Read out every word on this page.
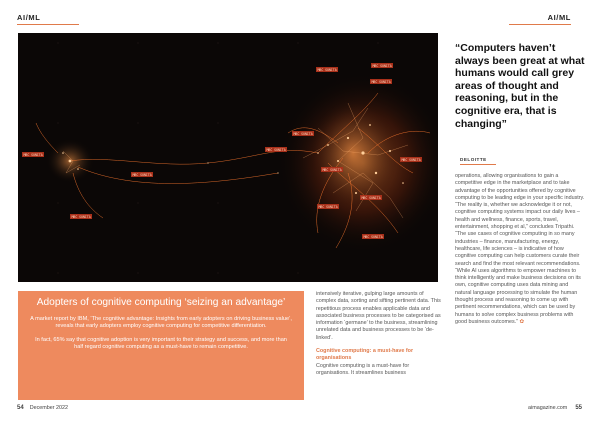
AI/ML	AI/ML
MBC SUNITA
MBC SUNITA
MBC SUNITA
MBC SUNITA
MBC SUNITA
MBC SUNITA
MBC SUNITA
MBC SUNITA
MBC SUNITA
MBC SUNITA
MBC SUNITA
MBC SUNITA
MBC SUNITA
“Computers haven’t always been great at what humans would call grey areas of thought and reasoning, but in the cognitive era, that is changing”
DELOITTE

operations, allowing organisations to gain a competitive edge in the marketplace and to take advantage of the opportunities offered by cognitive computing to be leading edge in your specific industry.

“The reality is, whether we acknowledge it or not, cognitive computing systems impact our daily lives – health and wellness, finance, sports, travel, entertainment, shopping et al,” concludes Tripathi. “The use cases of cognitive computing in so many industries – finance, manufacturing, energy, healthcare, life sciences – is indicative of how cognitive computing can help customers curate their search and find the most relevant recommendations.

“While AI uses algorithms to empower machines to think intelligently and make business decisions on its own, cognitive computing uses data mining and natural language processing to simulate the human thought process and reasoning to come up with pertinent recommendations, which can be used by humans to solve complex business problems with good business outcomes.” ✿

Adopters of cognitive computing ‘seizing an advantage’

A market report by IBM, ‘The cognitive advantage: Insights from early adopters on driving business value’, reveals that early adopters employ cognitive computing for competitive differentiation.

In fact, 65% say that cognitive adoption is very important to their strategy and success, and more than half regard cognitive computing as a must-have to remain competitive.

intensively iterative, gulping large amounts of complex data, sorting and sifting pertinent data. This repetitious process enables applicable data and associated business processes to be categorised as information ‘germane’ to the business, streamlining unrelated data and business processes to be ‘de-linked’.

Cognitive computing: a must-have for organisations

Cognitive computing is a must-have for organisations. It streamlines business

54 December 2022	aimagazine.com 55
